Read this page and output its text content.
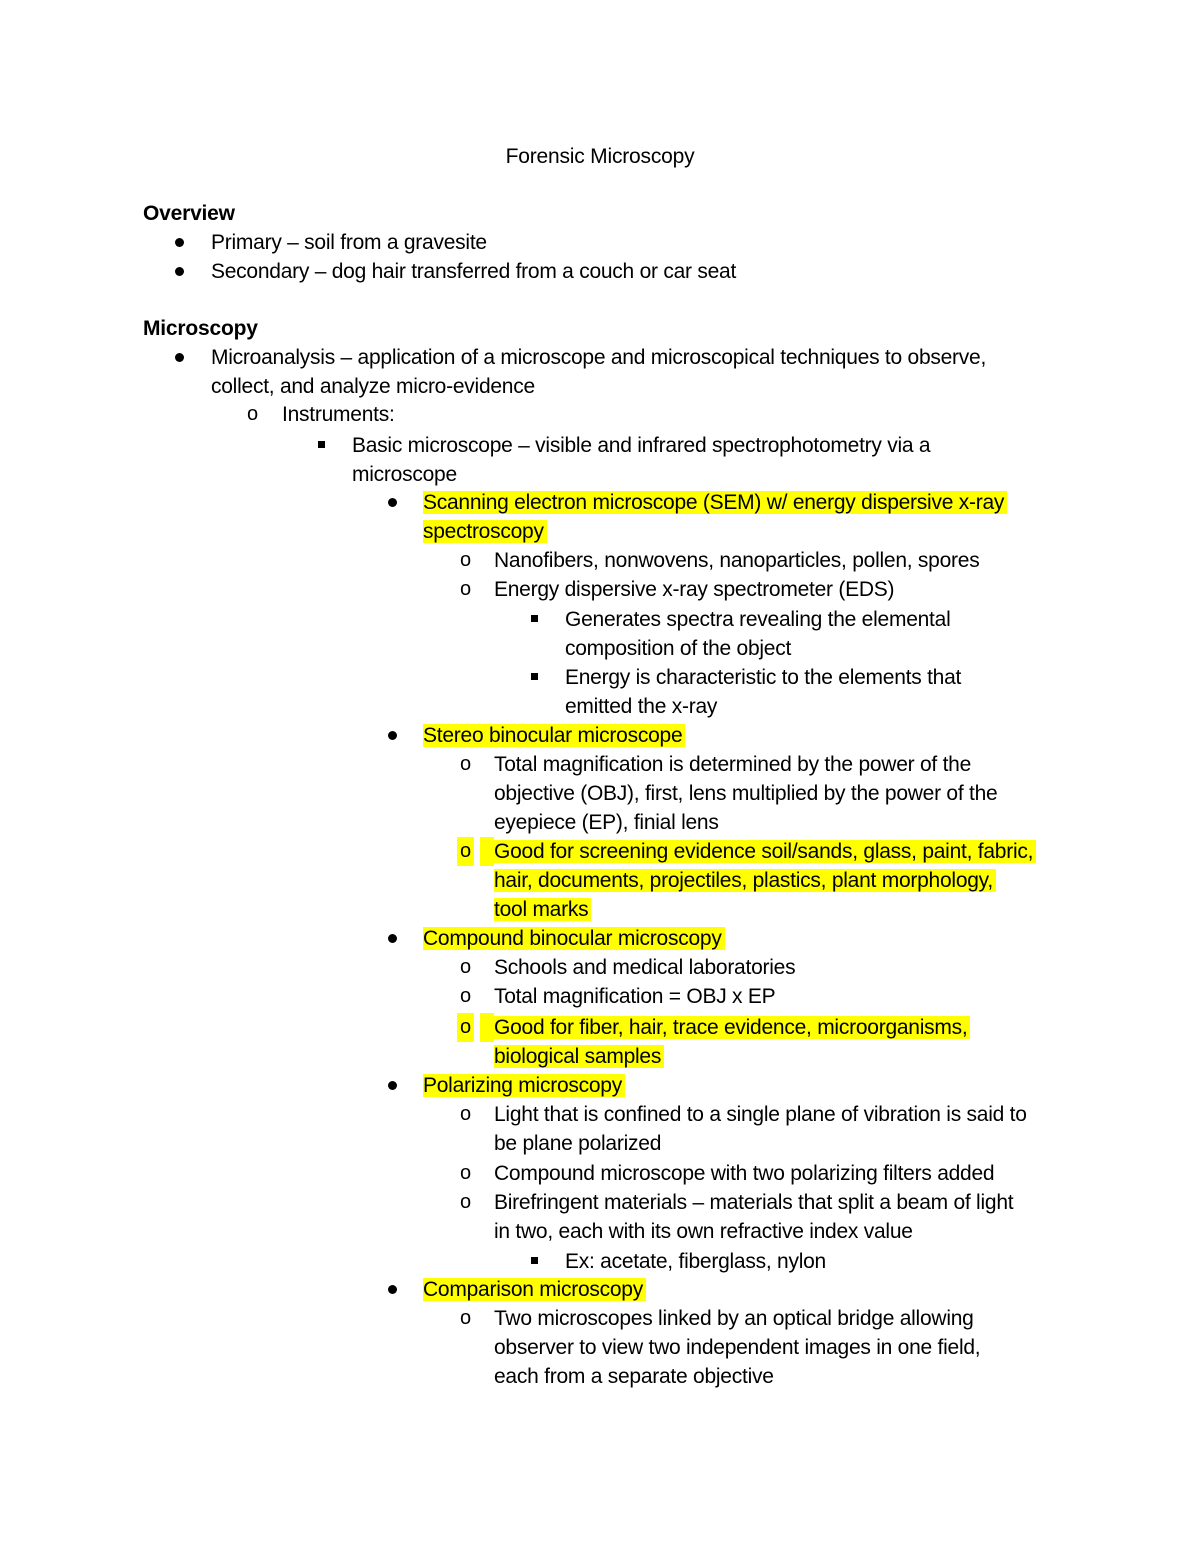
Forensic Microscopy
Overview
Primary – soil from a gravesite
Secondary – dog hair transferred from a couch or car seat
Microscopy
Microanalysis – application of a microscope and microscopical techniques to observe,
collect, and analyze micro-evidence
o Instruments:
Basic microscope – visible and infrared spectrophotometry via a
microscope
Scanning electron microscope (SEM) w/ energy dispersive x-ray
spectroscopy
o Nanofibers, nonwovens, nanoparticles, pollen, spores
o Energy dispersive x-ray spectrometer (EDS)
Generates spectra revealing the elemental
composition of the object
Energy is characteristic to the elements that
emitted the x-ray
Stereo binocular microscope
o Total magnification is determined by the power of the
objective (OBJ), first, lens multiplied by the power of the
eyepiece (EP), finial lens
o Good for screening evidence soil/sands, glass, paint, fabric,
hair, documents, projectiles, plastics, plant morphology,
tool marks
Compound binocular microscopy
o Schools and medical laboratories
o Total magnification = OBJ x EP
o Good for fiber, hair, trace evidence, microorganisms,
biological samples
Polarizing microscopy
o Light that is confined to a single plane of vibration is said to
be plane polarized
o Compound microscope with two polarizing filters added
o Birefringent materials – materials that split a beam of light
in two, each with its own refractive index value
Ex: acetate, fiberglass, nylon
Comparison microscopy
o Two microscopes linked by an optical bridge allowing
observer to view two independent images in one field,
each from a separate objective
